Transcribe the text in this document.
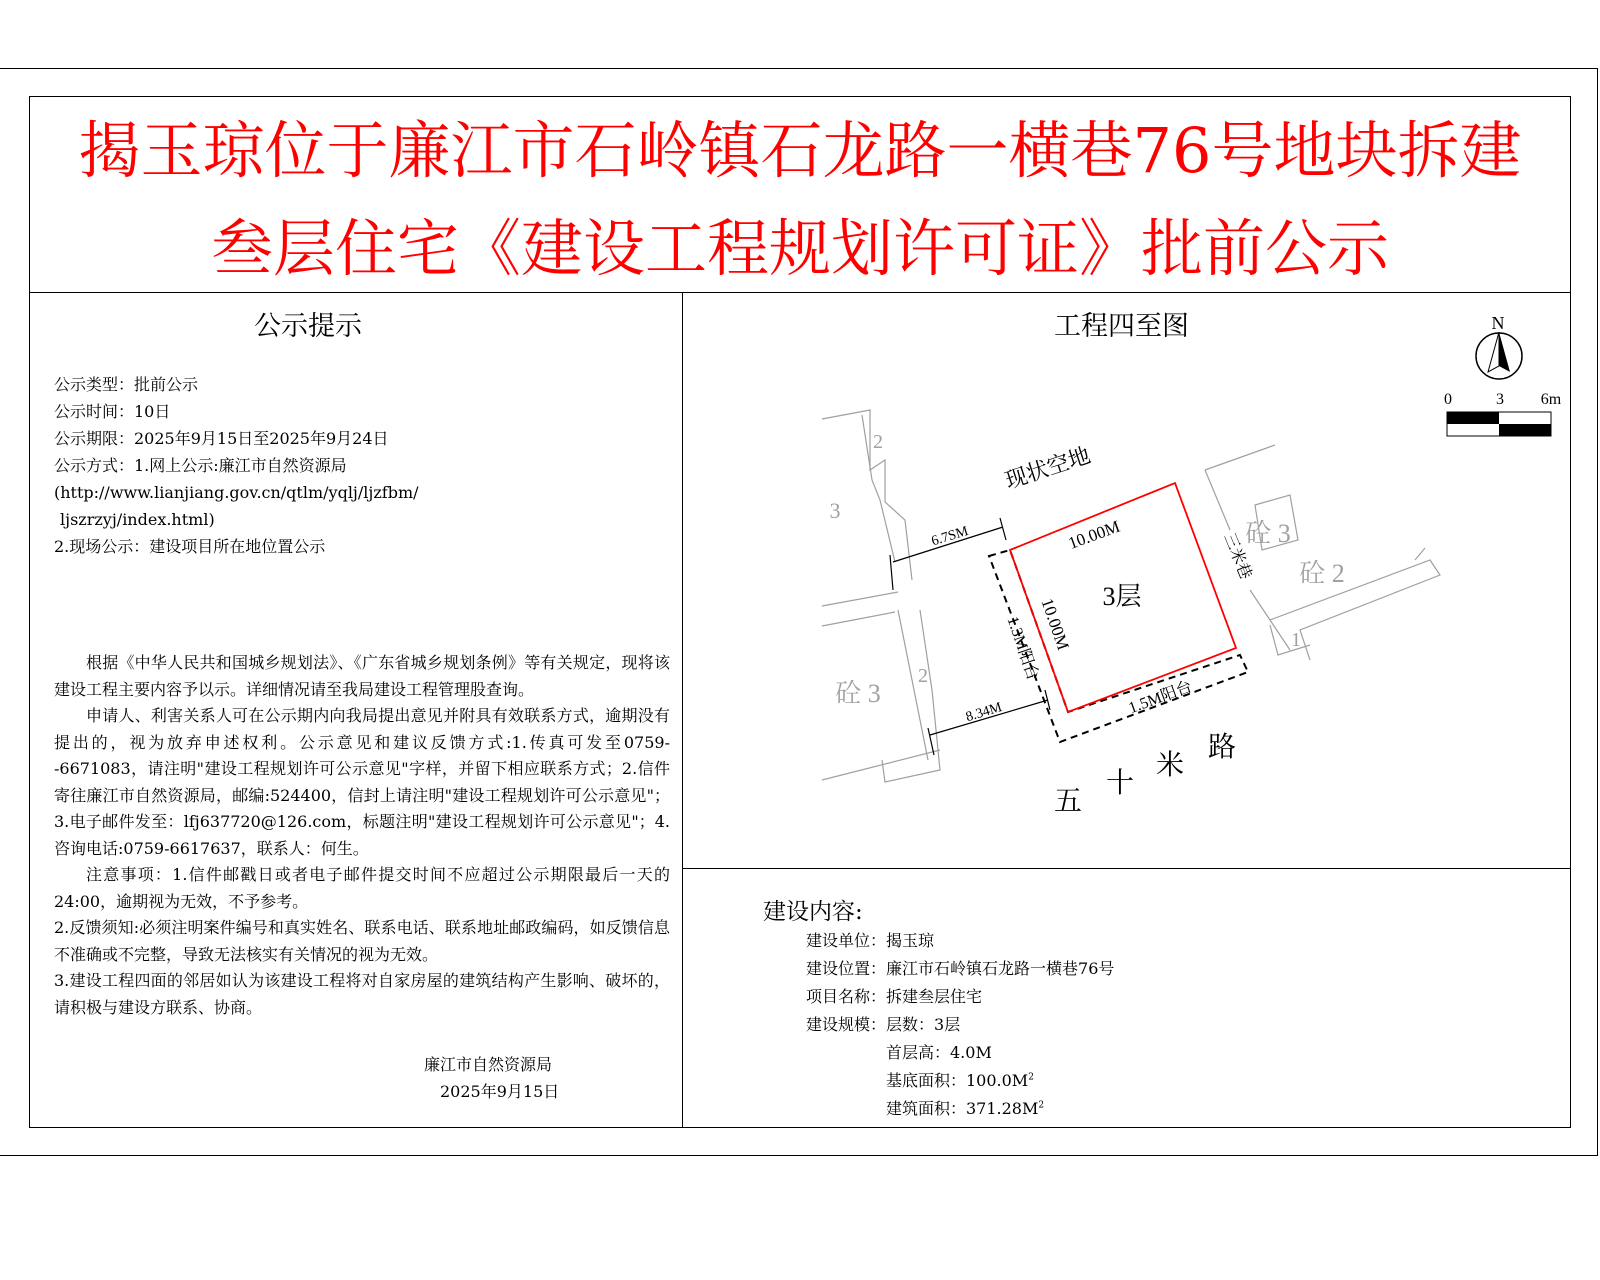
揭玉琼位于廉江市石岭镇石龙路一横巷76号地块拆建
叁层住宅《建设工程规划许可证》批前公示
公示提示
公示类型：批前公示
公示时间：10日
公示期限：2025年9月15日至2025年9月24日
公示方式：1.网上公示:廉江市自然资源局
(http://www.lianjiang.gov.cn/qtlm/yqlj/ljzfbm/
ljszrzyj/index.html)
2.现场公示：建设项目所在地位置公示

根据《中华人民共和国城乡规划法》、《广东省城乡规划条例》等有关规定，现将该建设工程主要内容予以示。详细情况请至我局建设工程管理股查询。

申请人、利害关系人可在公示期内向我局提出意见并附具有效联系方式，逾期没有提出的，视为放弃申述权利。公示意见和建议反馈方式:1.传真可发至0759--6671083，请注明"建设工程规划许可公示意见"字样，并留下相应联系方式；2.信件寄往廉江市自然资源局，邮编:524400，信封上请注明"建设工程规划许可公示意见"； 3.电子邮件发至：lfj637720@126.com，标题注明"建设工程规划许可公示意见"；4.咨询电话:0759-6617637，联系人：何生。

注意事项：1.信件邮戳日或者电子邮件提交时间不应超过公示期限最后一天的24:00，逾期视为无效，不予参考。

2.反馈须知:必须注明案件编号和真实姓名、联系电话、联系地址邮政编码，如反馈信息不准确或不完整，导致无法核实有关情况的视为无效。

3.建设工程四面的邻居如认为该建设工程将对自家房屋的建筑结构产生影响、破坏的，请积极与建设方联系、协商。

廉江市自然资源局
2025年9月15日
工程四至图	N
0	3 6m
3
2
2
砼 3
砼 3
砼 2
1
现状空地
3层
10.00M
10.00M
1.3M阳台
1.5M阳台
三米巷
6.7SM
8.34M
五
十
米
路
建设内容:
建设单位：揭玉琼
建设位置：廉江市石岭镇石龙路一横巷76号
项目名称：拆建叁层住宅
建设规模：层数：3层
首层高：4.0M
基底面积：$100.0M^2$
建筑面积：$371.28M^2$
